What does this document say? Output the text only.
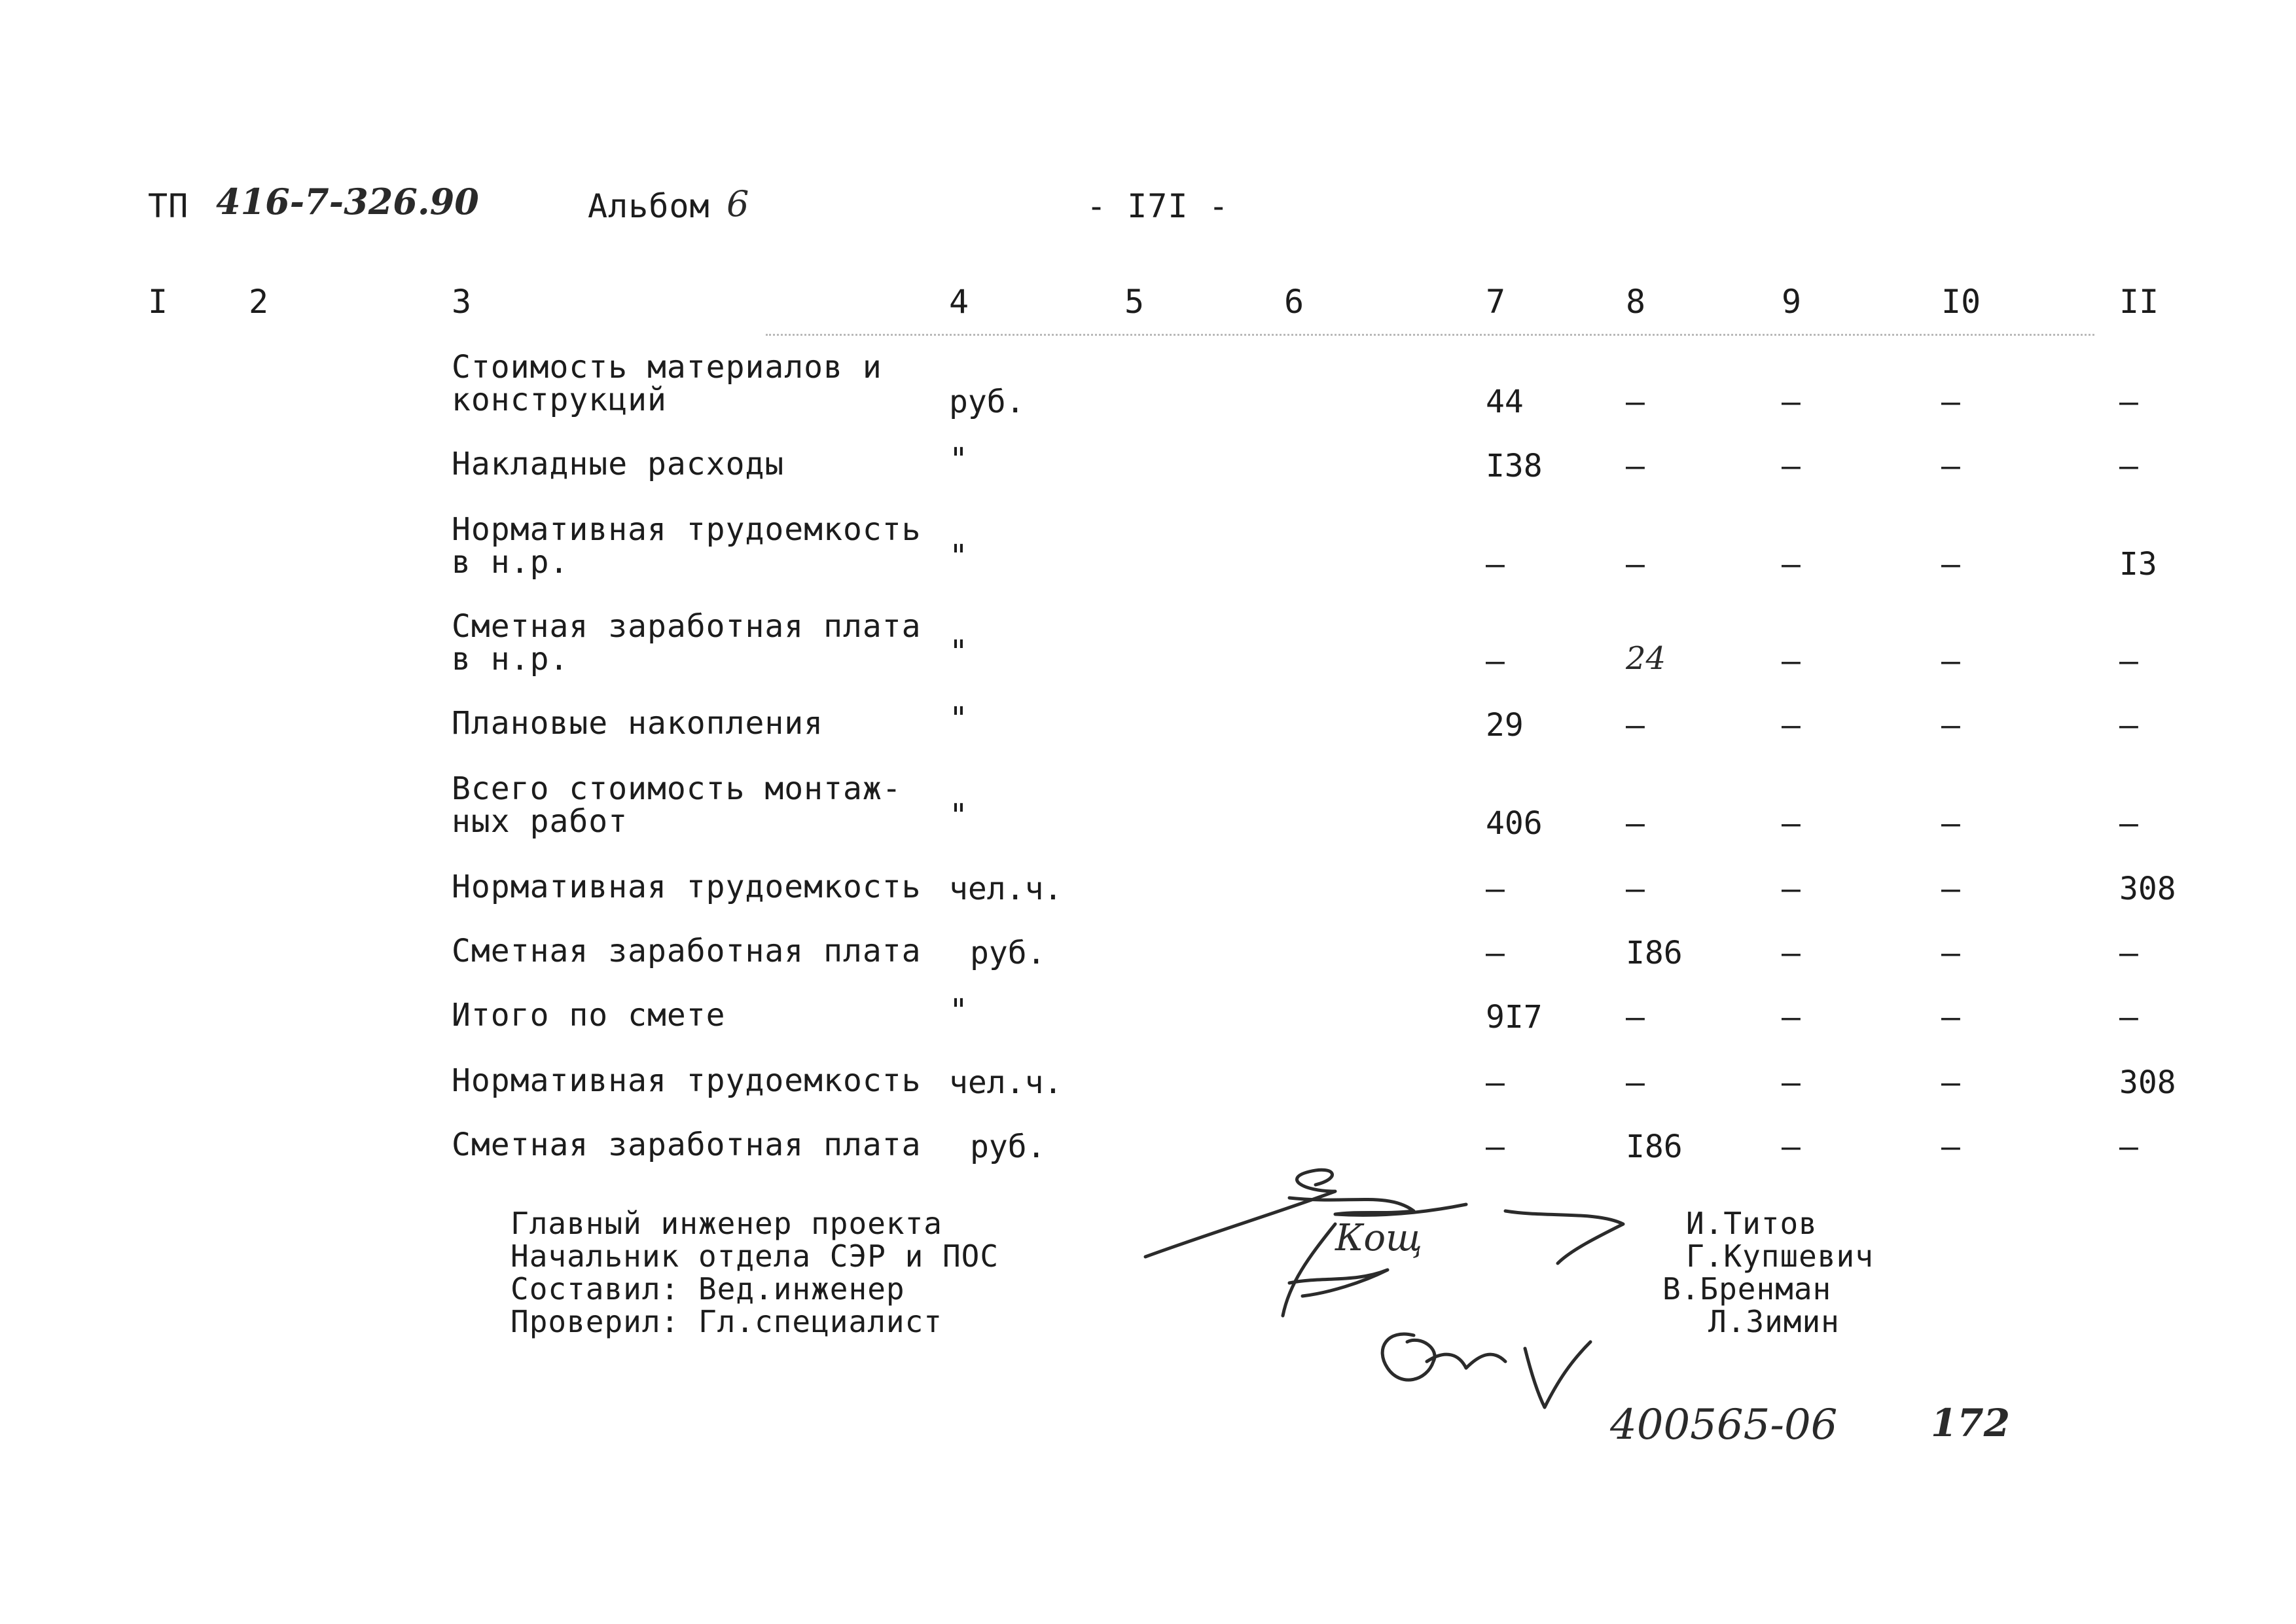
ТП 416-7-326.90	Альбом 6	- I7I -
I 2	3	4	5	6	7	8	9	I0	II
Стоимость материалов и
конструкций	руб.	44	–	–	–	–
Накладные расходы	"	I38	–	–	–	–
Нормативная трудоемкость
в н.р.	"	–	–	–	–	I3
Сметная заработная плата
в н.р.	"	–	24	–	–	–
Плановые накопления	"	29	–	–	–	–
Всего стоимость монтаж-
ных работ	"	406	–	–	–	–
Нормативная трудоемкость чел.ч.	–	–	–	–	308
Сметная заработная плата руб.	–	I86	–	–	–
Итого по смете	"	9I7	–	–	–	–
Нормативная трудоемкость чел.ч.	–	–	–	–	308
Сметная заработная плата руб.	–	I86	–	–	–
Главный инженер проекта
Начальник отдела СЭР и ПОС
Составил: Вед.инженер
Проверил: Гл.специалист
Кощ	И.Титов
Г.Купшевич
В.Бренман
Л.Зимин
400565-06 172
